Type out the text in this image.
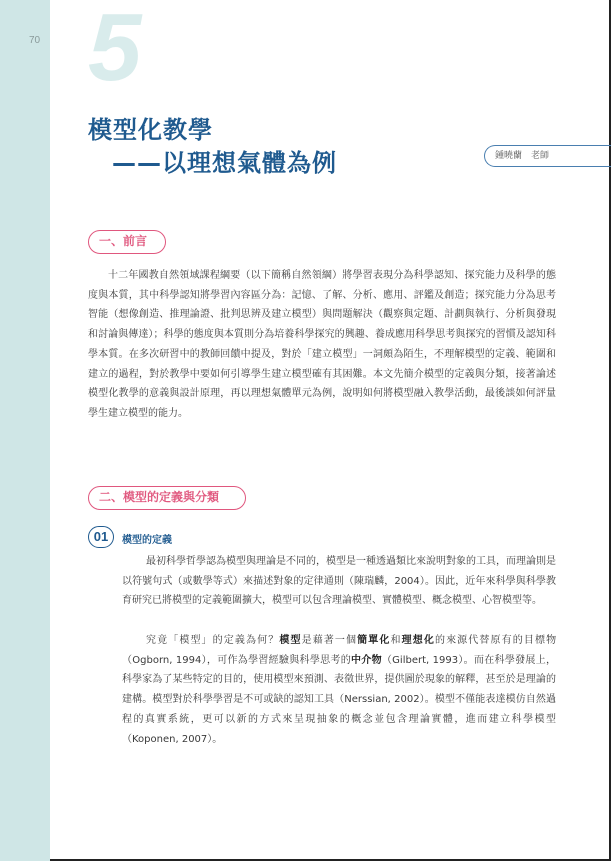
70 5
模型化教學
——以理想氣體為例	鍾曉蘭　老師
一、前言

十二年國教自然領域課程綱要（以下簡稱自然領綱）將學習表現分為科學認知、探究能力及科學的態度與本質，其中科學認知將學習內容區分為：記憶、了解、分析、應用、評鑑及創造；探究能力分為思考智能（想像創造、推理論證、批判思辨及建立模型）與問題解決（觀察與定題、計劃與執行、分析與發現和討論與傳達）；科學的態度與本質則分為培養科學探究的興趣、養成應用科學思考與探究的習慣及認知科學本質。在多次研習中的教師回饋中提及，對於「建立模型」一詞頗為陌生，不理解模型的定義、範圍和建立的過程，對於教學中要如何引導學生建立模型確有其困難。本文先簡介模型的定義與分類，接著論述模型化教學的意義與設計原理，再以理想氣體單元為例，說明如何將模型融入教學活動，最後談如何評量學生建立模型的能力。

二、模型的定義與分類
01	模型的定義

最初科學哲學認為模型與理論是不同的，模型是一種透過類比來說明對象的工具，而理論則是以符號句式（或數學等式）來描述對象的定律通則（陳瑞麟，2004）。因此，近年來科學與科學教育研究已將模型的定義範圍擴大，模型可以包含理論模型、實體模型、概念模型、心智模型等。

究竟「模型」的定義為何？模型是藉著一個簡單化和理想化的來源代替原有的目標物（Ogborn, 1994），可作為學習經驗與科學思考的中介物（Gilbert, 1993）。而在科學發展上，科學家為了某些特定的目的，使用模型來預測、表徵世界，提供圖於現象的解釋，甚至於是理論的建構。模型對於科學學習是不可或缺的認知工具（Nerssian, 2002）。模型不僅能表達模仿自然過程的真實系統，更可以新的方式來呈現抽象的概念並包含理論實體，進而建立科學模型（Koponen, 2007）。
